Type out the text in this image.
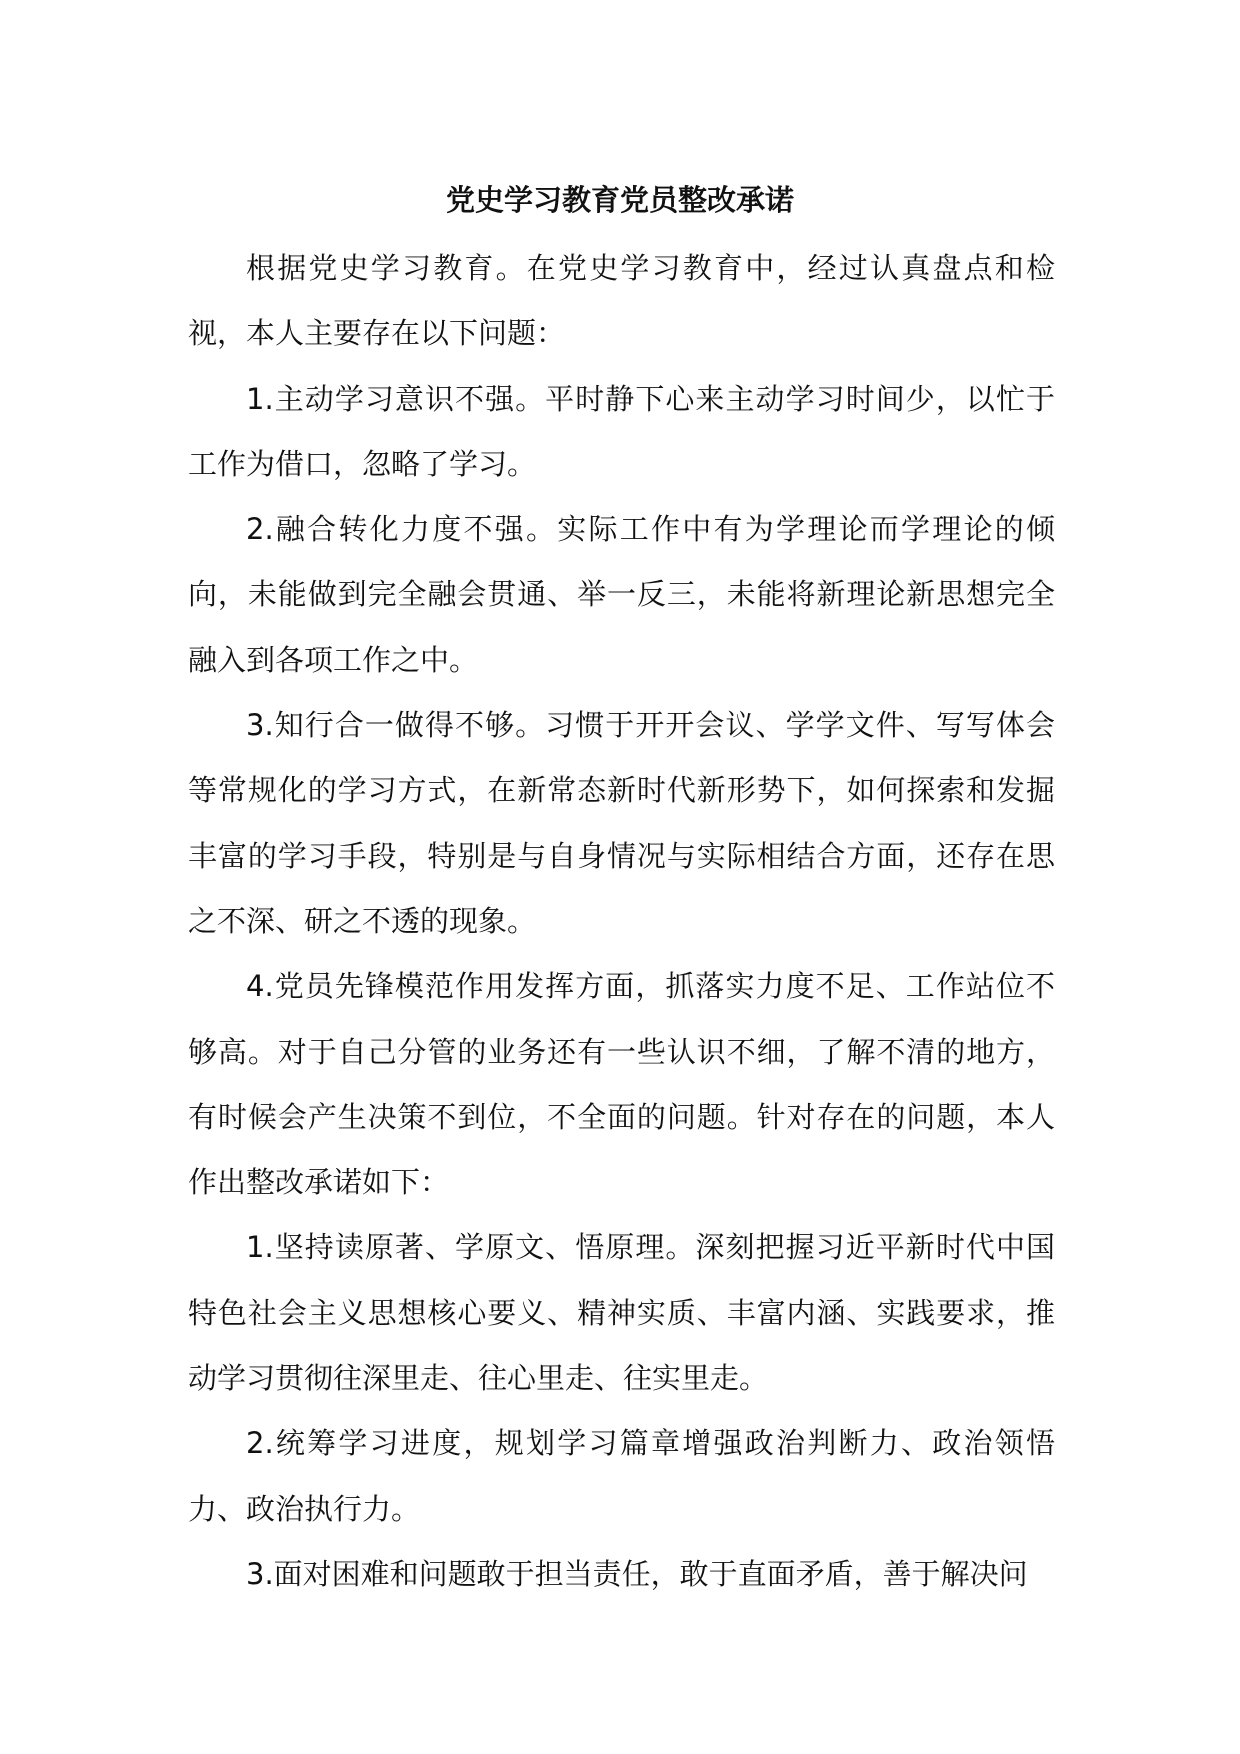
党史学习教育党员整改承诺

根据党史学习教育。在党史学习教育中，经过认真盘点和检视，本人主要存在以下问题：

1.主动学习意识不强。平时静下心来主动学习时间少，以忙于工作为借口，忽略了学习。

2.融合转化力度不强。实际工作中有为学理论而学理论的倾向，未能做到完全融会贯通、举一反三，未能将新理论新思想完全融入到各项工作之中。

3.知行合一做得不够。习惯于开开会议、学学文件、写写体会等常规化的学习方式，在新常态新时代新形势下，如何探索和发掘丰富的学习手段，特别是与自身情况与实际相结合方面，还存在思之不深、研之不透的现象。

4.党员先锋模范作用发挥方面，抓落实力度不足、工作站位不够高。对于自己分管的业务还有一些认识不细，了解不清的地方，有时候会产生决策不到位，不全面的问题。针对存在的问题，本人作出整改承诺如下：

1.坚持读原著、学原文、悟原理。深刻把握习近平新时代中国特色社会主义思想核心要义、精神实质、丰富内涵、实践要求，推动学习贯彻往深里走、往心里走、往实里走。

2.统筹学习进度，规划学习篇章增强政治判断力、政治领悟力、政治执行力。

3.面对困难和问题敢于担当责任，敢于直面矛盾，善于解决问
